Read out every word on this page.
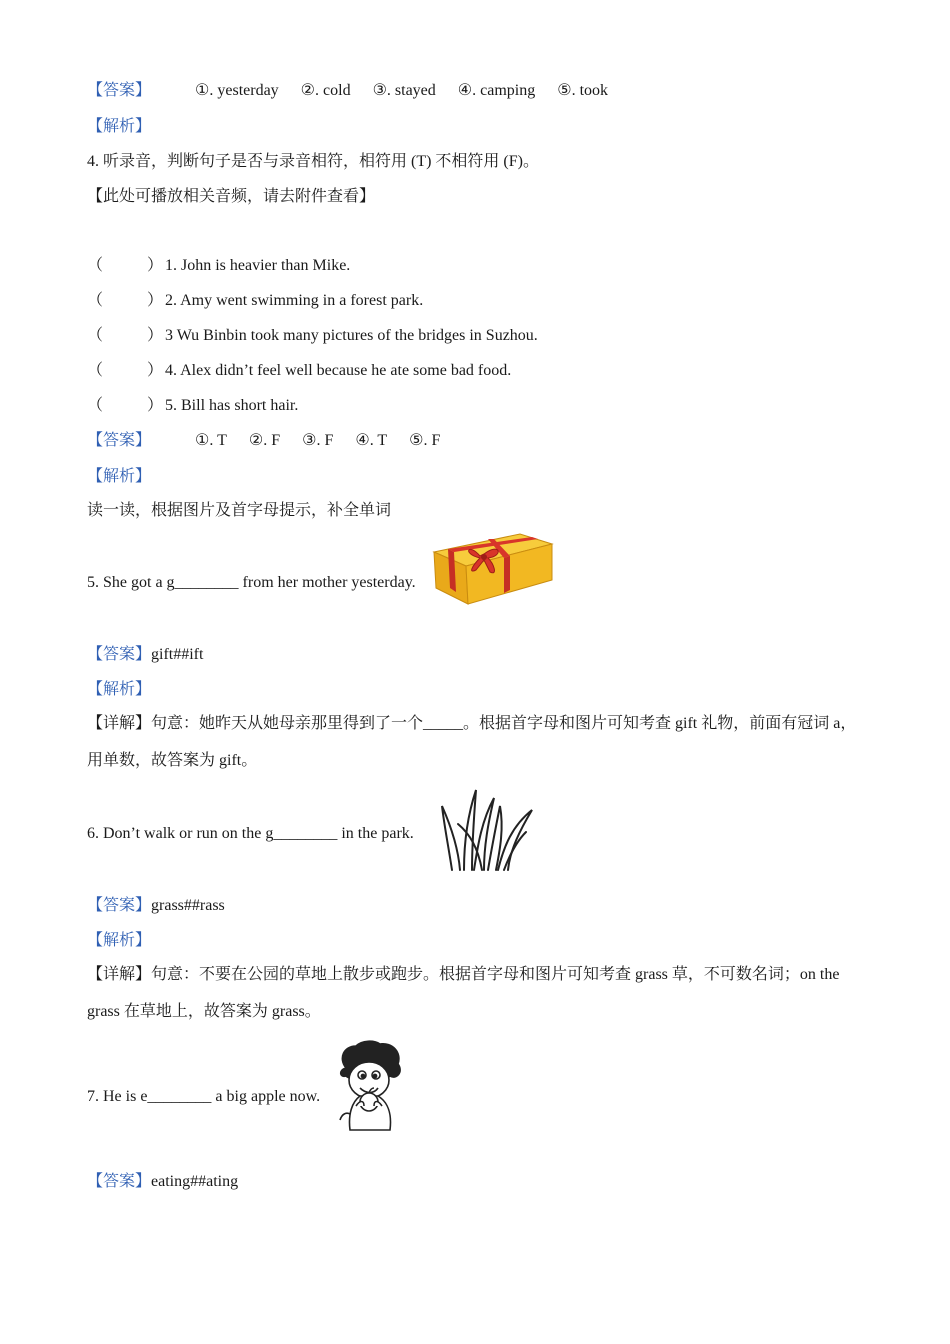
【答案】	①. yesterday ②. cold ③. stayed ④. camping ⑤. took
【解析】
4. 听录音，判断句子是否与录音相符，相符用 (T) 不相符用 (F)。
【此处可播放相关音频，请去附件查看】
（	） 1. John is heavier than Mike.
（	） 2. Amy went swimming in a forest park.
（	） 3 Wu Binbin took many pictures of the bridges in Suzhou.
（	） 4. Alex didn’t feel well because he ate some bad food.
（	） 5. Bill has short hair.
【答案】	①. T ②. F ③. F ④. T ⑤. F
【解析】
读一读，根据图片及首字母提示，补全单词
5. She got a g________ from her mother yesterday.
【答案】gift##ift
【解析】
【详解】句意：她昨天从她母亲那里得到了一个_____。根据首字母和图片可知考查 gift 礼物，前面有冠词 a，用单数，故答案为 gift。
6. Don’t walk or run on the g________ in the park.
【答案】grass##rass
【解析】
【详解】句意：不要在公园的草地上散步或跑步。根据首字母和图片可知考查 grass 草，不可数名词；on the grass 在草地上，故答案为 grass。
7. He is e________ a big apple now.
【答案】eating##ating
